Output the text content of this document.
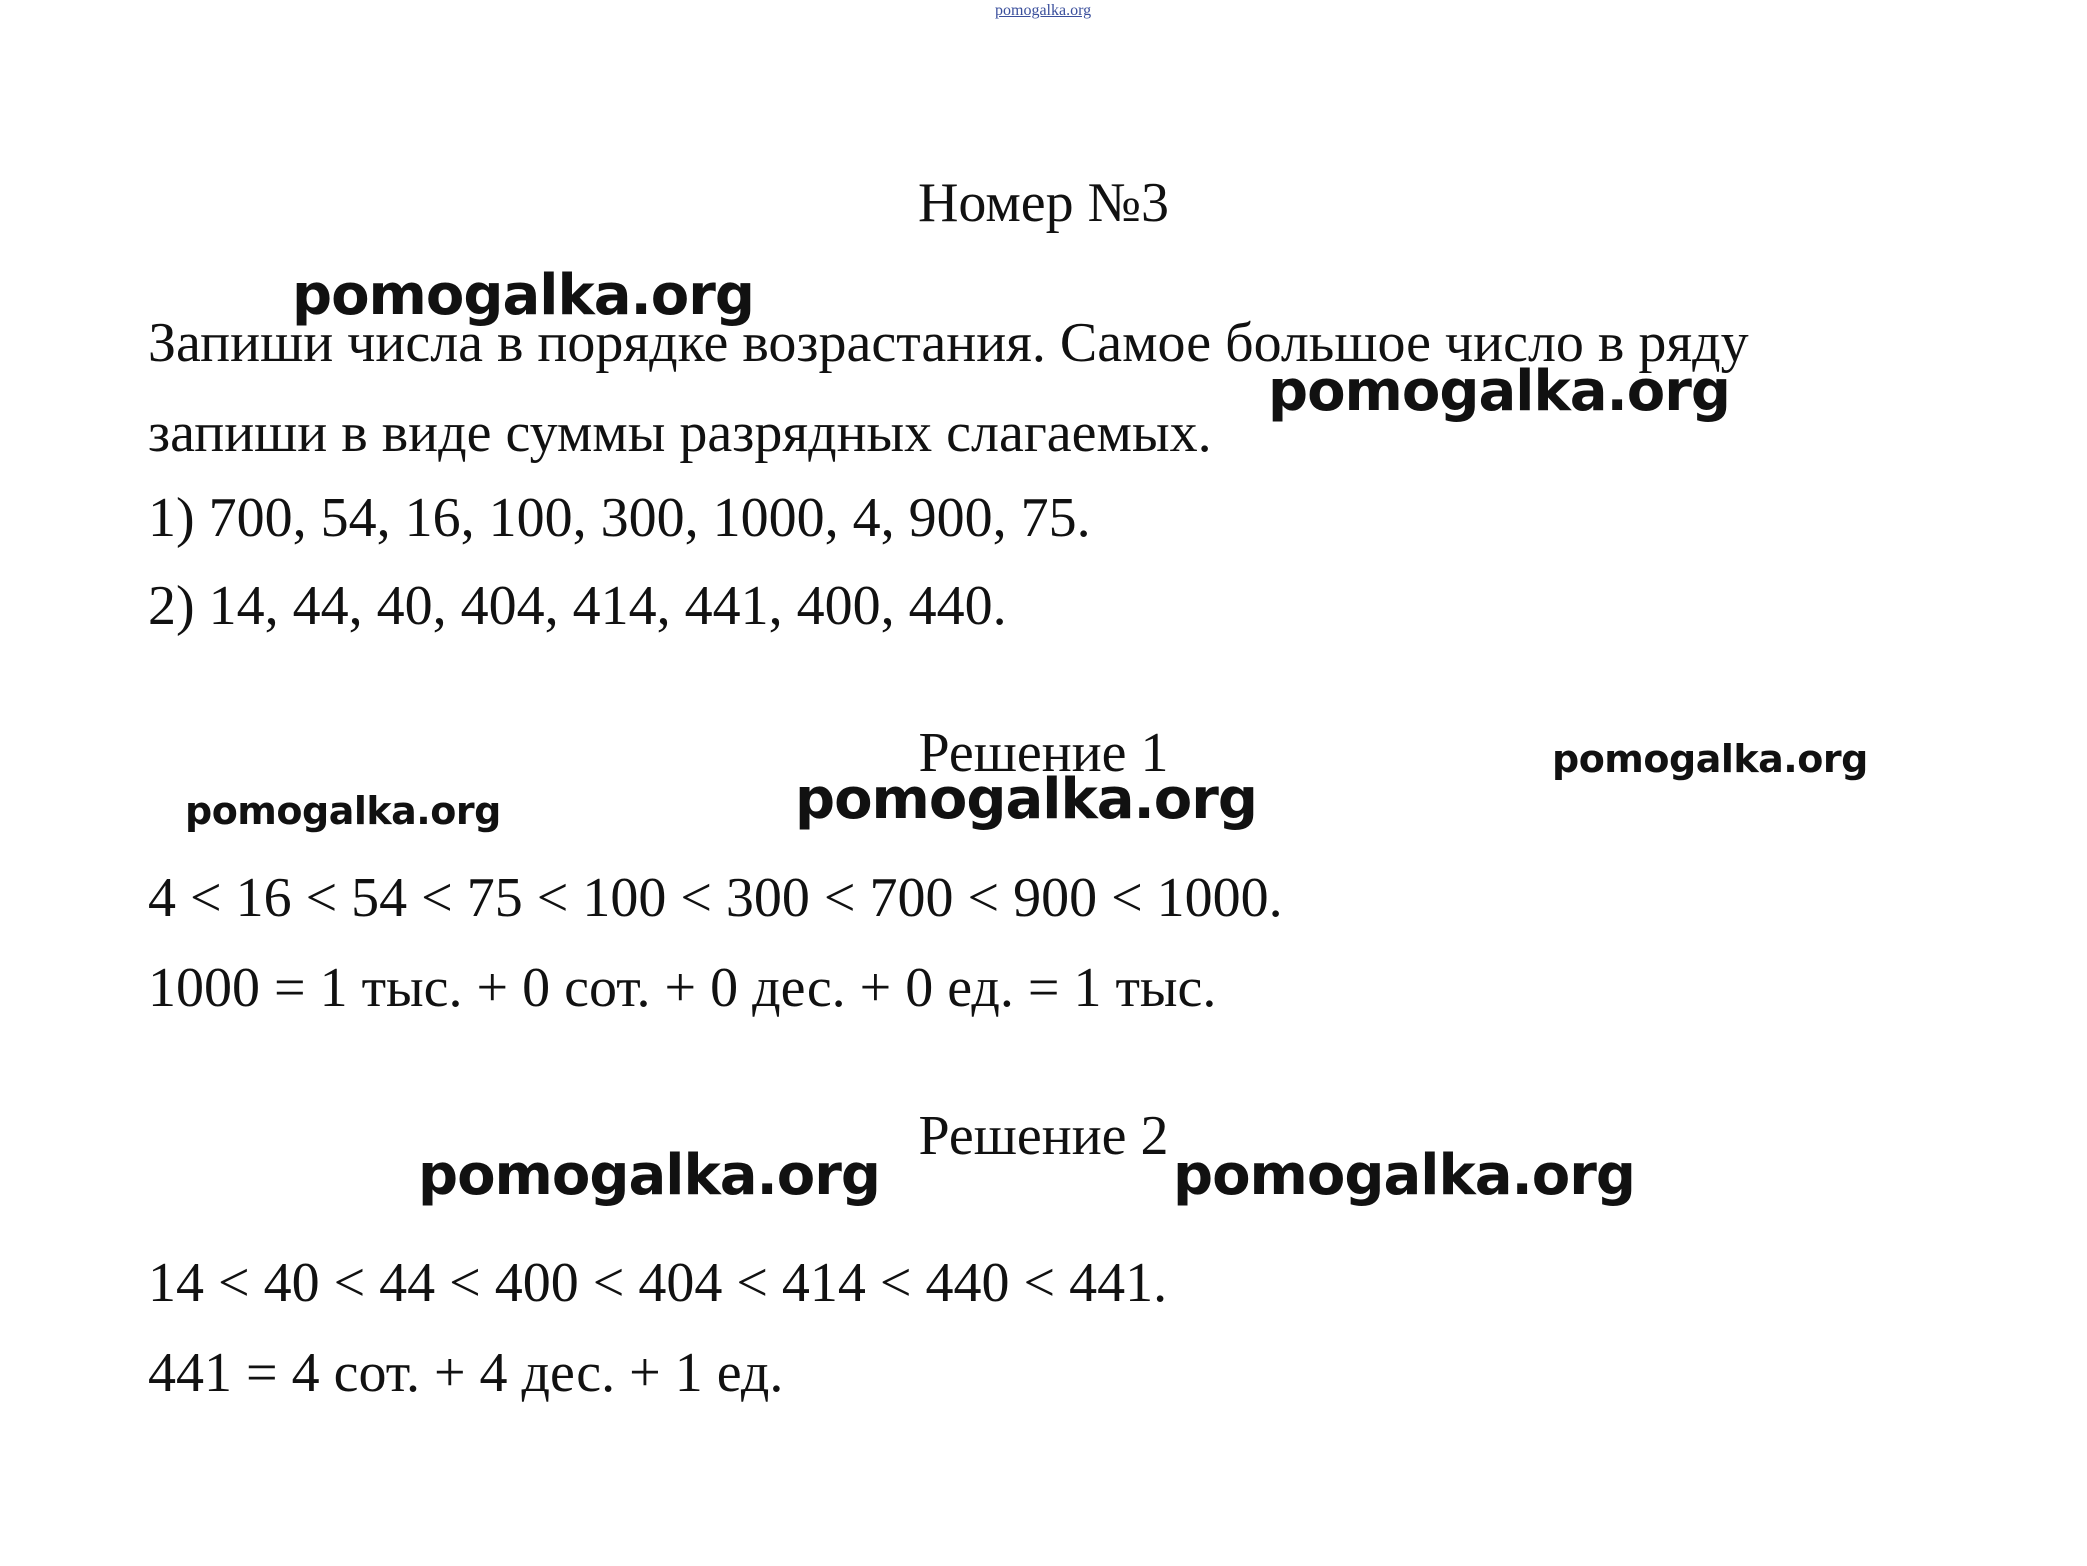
pomogalka.org
Номер №3
Запиши числа в порядке возрастания. Самое большое число в ряду
запиши в виде суммы разрядных слагаемых.
1) 700, 54, 16, 100, 300, 1000, 4, 900, 75.
2) 14, 44, 40, 404, 414, 441, 400, 440.
Решение 1
4 < 16 < 54 < 75 < 100 < 300 < 700 < 900 < 1000.
1000 = 1 тыс. + 0 сот. + 0 дес. + 0 ед. = 1 тыс.
Решение 2
14 < 40 < 44 < 400 < 404 < 414 < 440 < 441.
441 = 4 сот. + 4 дес. + 1 ед.
pomogalka.org
pomogalka.org
pomogalka.org
pomogalka.org	pomogalka.org
pomogalka.org	pomogalka.org
